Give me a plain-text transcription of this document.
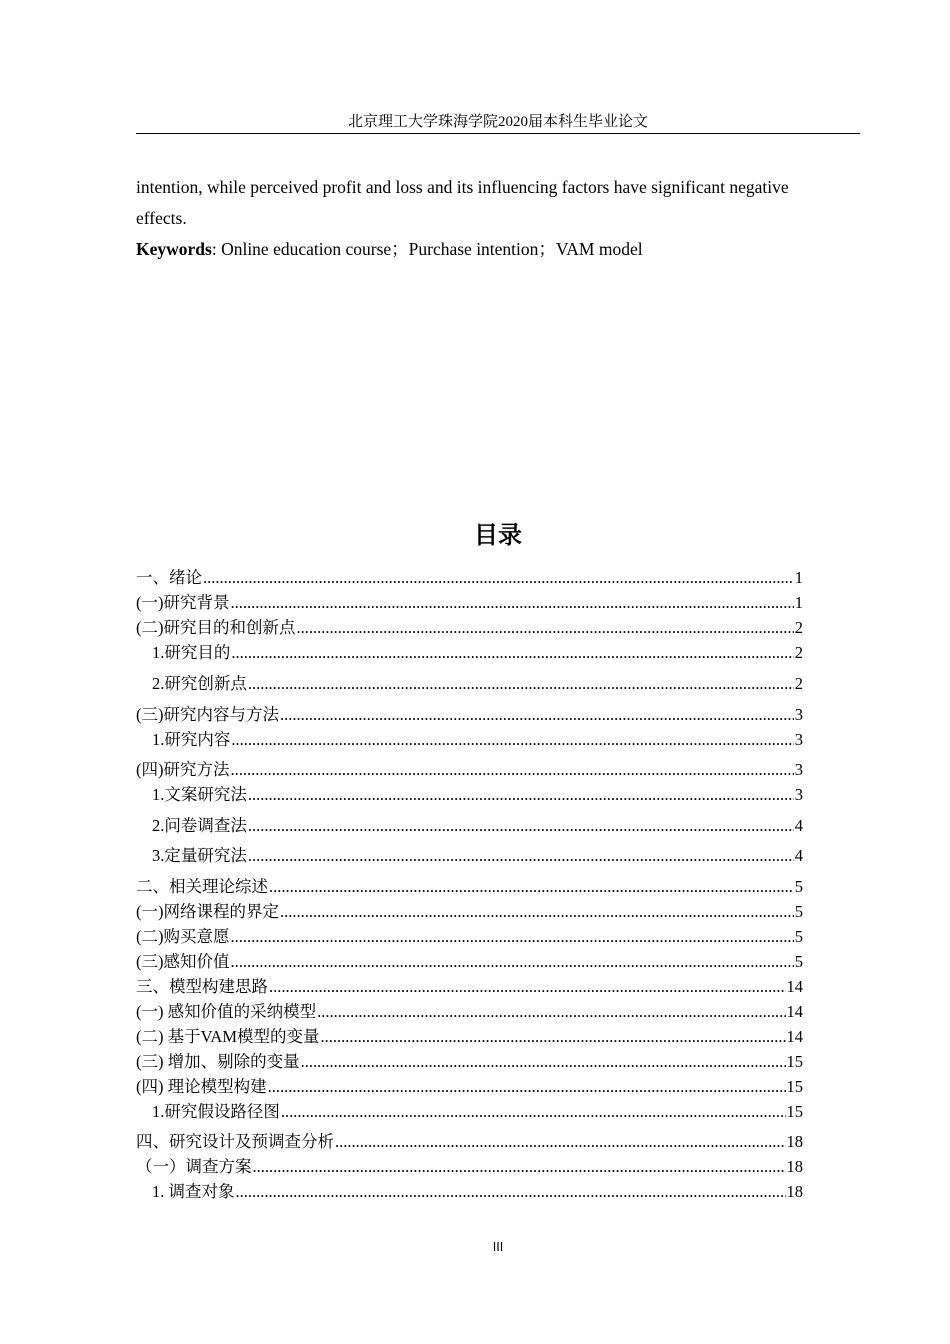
北京理工大学珠海学院2020届本科生毕业论文

intention, while perceived profit and loss and its influencing factors have significant negative

effects.

Keywords: Online education course；Purchase intention；VAM model

目录
一、绪论 .....	1
(一)研究背景 .....	1
(二)研究目的和创新点 .....	2
1.研究目的 .....	2
2.研究创新点 .....	2
(三)研究内容与方法 .....	3
1.研究内容 .....	3
(四)研究方法 .....	3
1.文案研究法 .....	3
2.问卷调查法 .....	4
3.定量研究法 .....	4
二、相关理论综述 .....	5
(一)网络课程的界定 .....	5
(二)购买意愿 .....	5
(三)感知价值 .....	5
三、模型构建思路 .....	14
(一) 感知价值的采纳模型 .....	14
(二) 基于VAM模型的变量 .....	14
(三) 增加、剔除的变量 .....	15
(四) 理论模型构建 .....	15
1.研究假设路径图 .....	15
四、研究设计及预调查分析 .....	18
（一）调查方案 .....	18
1. 调查对象 .....	18
III
